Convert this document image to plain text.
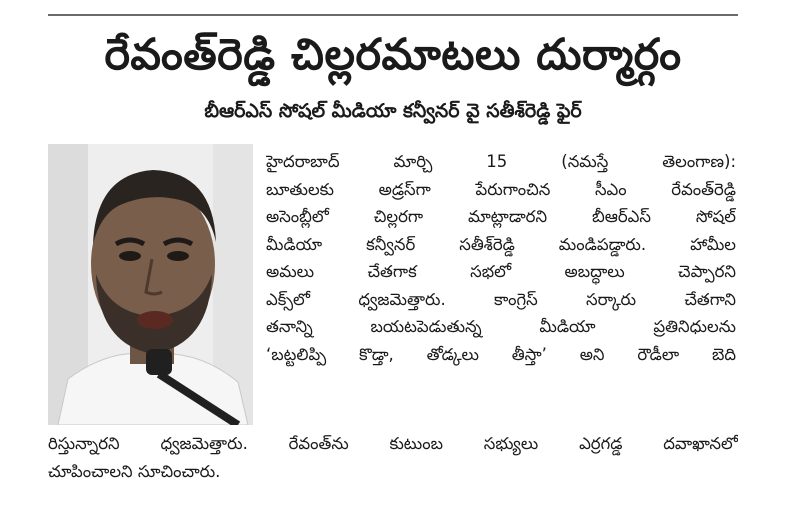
రేవంత్‌రెడ్డి చిల్లరమాటలు దుర్మార్గం
బీఆర్‌ఎస్ సోషల్ మీడియా కన్వీనర్ వై సతీశ్‌రెడ్డి ఫైర్
హైదరాబాద్ మార్చి 15 (నమస్తే తెలంగాణ):
బూతులకు అడ్రస్‌గా పేరుగాంచిన సీఎం రేవంత్‌రెడ్డి
అసెంబ్లీలో చిల్లరగా మాట్లాడారని బీఆర్‌ఎస్ సోషల్
మీడియా కన్వీనర్ సతీశ్‌రెడ్డి మండిపడ్డారు. హామీల
అమలు చేతగాక సభలో అబద్ధాలు చెప్పారని
ఎక్స్‌లో ధ్వజమెత్తారు. కాంగ్రెస్ సర్కారు చేతగాని
తనాన్ని బయటపెడుతున్న మీడియా ప్రతినిధులను
‘బట్టలిప్పి కొడ్తా, తోడ్కలు తీస్తా’ అని రౌడీలా బెది
రిస్తున్నారని ధ్వజమెత్తారు. రేవంత్‌ను కుటుంబ సభ్యులు ఎర్రగడ్డ దవాఖానలో
చూపించాలని సూచించారు.
